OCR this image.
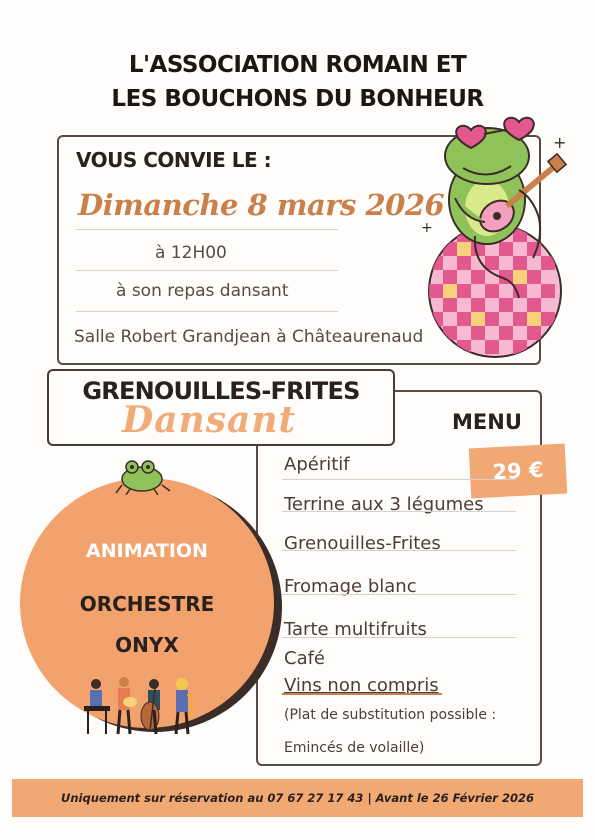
L'ASSOCIATION ROMAIN ET
LES BOUCHONS DU BONHEUR
VOUS CONVIE LE :
Dimanche 8 mars 2026
à 12H00
à son repas dansant
Salle Robert Grandjean à Châteaurenaud
+
+
MENU
29 €
Apéritif
Terrine aux 3 légumes
Grenouilles-Frites
Fromage blanc
Tarte multifruits
Café
Vins non compris
(Plat de substitution possible :
Emincés de volaille)
GRENOUILLES-FRITES
Dansant
ANIMATION
ORCHESTRE
ONYX
Uniquement sur réservation au 07 67 27 17 43 | Avant le 26 Février 2026
